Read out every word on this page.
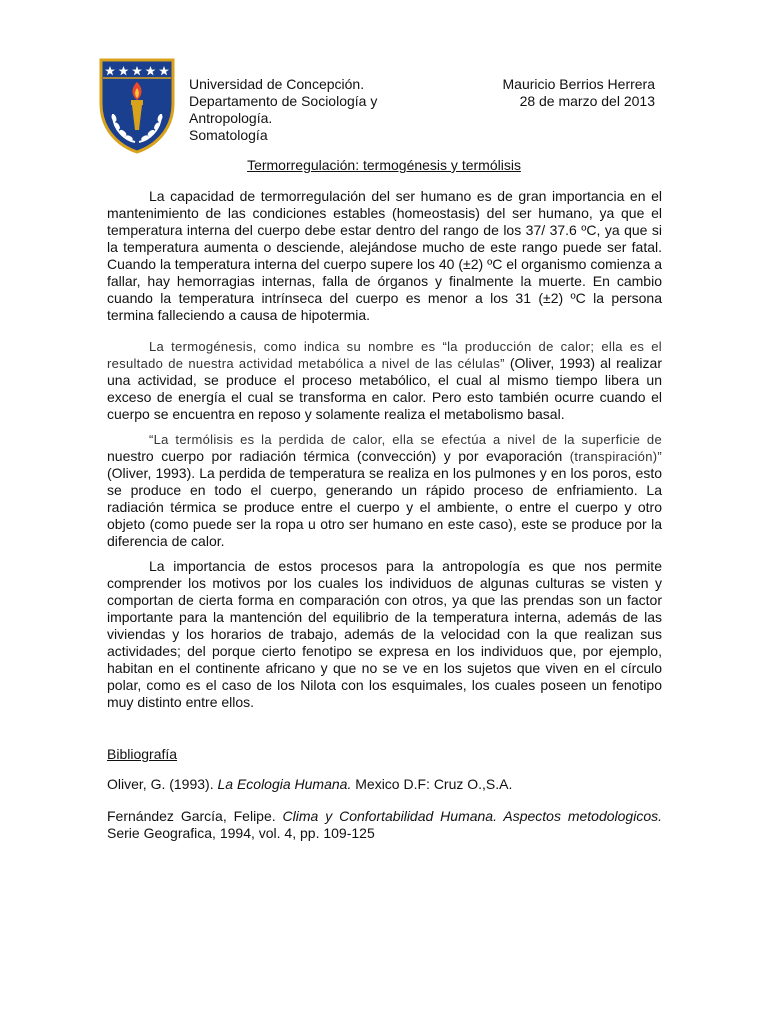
Universidad de Concepción.
Departamento de Sociología y
Antropología.
Somatología
Mauricio Berrios Herrera
28 de marzo del 2013
Termorregulación: termogénesis y termólisis

La capacidad de termorregulación del ser humano es de gran importancia en el mantenimiento de las condiciones estables (homeostasis) del ser humano, ya que el temperatura interna del cuerpo debe estar dentro del rango de los 37/ 37.6 ºC, ya que si la temperatura aumenta o desciende, alejándose mucho de este rango puede ser fatal. Cuando la temperatura interna del cuerpo supere los 40 (±2) ºC el organismo comienza a fallar, hay hemorragias internas, falla de órganos y finalmente la muerte. En cambio cuando la temperatura intrínseca del cuerpo es menor a los 31 (±2) ºC la persona termina falleciendo a causa de hipotermia.

La termogénesis, como indica su nombre es “la producción de calor; ella es el resultado de nuestra actividad metabólica a nivel de las células” (Oliver, 1993) al realizar una actividad, se produce el proceso metabólico, el cual al mismo tiempo libera un exceso de energía el cual se transforma en calor. Pero esto también ocurre cuando el cuerpo se encuentra en reposo y solamente realiza el metabolismo basal.

“La termólisis es la perdida de calor, ella se efectúa a nivel de la superficie de nuestro cuerpo por radiación térmica (convección) y por evaporación (transpiración)” (Oliver, 1993). La perdida de temperatura se realiza en los pulmones y en los poros, esto se produce en todo el cuerpo, generando un rápido proceso de enfriamiento. La radiación térmica se produce entre el cuerpo y el ambiente, o entre el cuerpo y otro objeto (como puede ser la ropa u otro ser humano en este caso), este se produce por la diferencia de calor.

La importancia de estos procesos para la antropología es que nos permite comprender los motivos por los cuales los individuos de algunas culturas se visten y comportan de cierta forma en comparación con otros, ya que las prendas son un factor importante para la mantención del equilibrio de la temperatura interna, además de las viviendas y los horarios de trabajo, además de la velocidad con la que realizan sus actividades; del porque cierto fenotipo se expresa en los individuos que, por ejemplo, habitan en el continente africano y que no se ve en los sujetos que viven en el círculo polar, como es el caso de los Nilota con los esquimales, los cuales poseen un fenotipo muy distinto entre ellos.

Bibliografía
Oliver, G. (1993). La Ecologia Humana. Mexico D.F: Cruz O.,S.A.
Fernández García, Felipe. Clima y Confortabilidad Humana. Aspectos metodologicos. Serie Geografica, 1994, vol. 4, pp. 109-125
